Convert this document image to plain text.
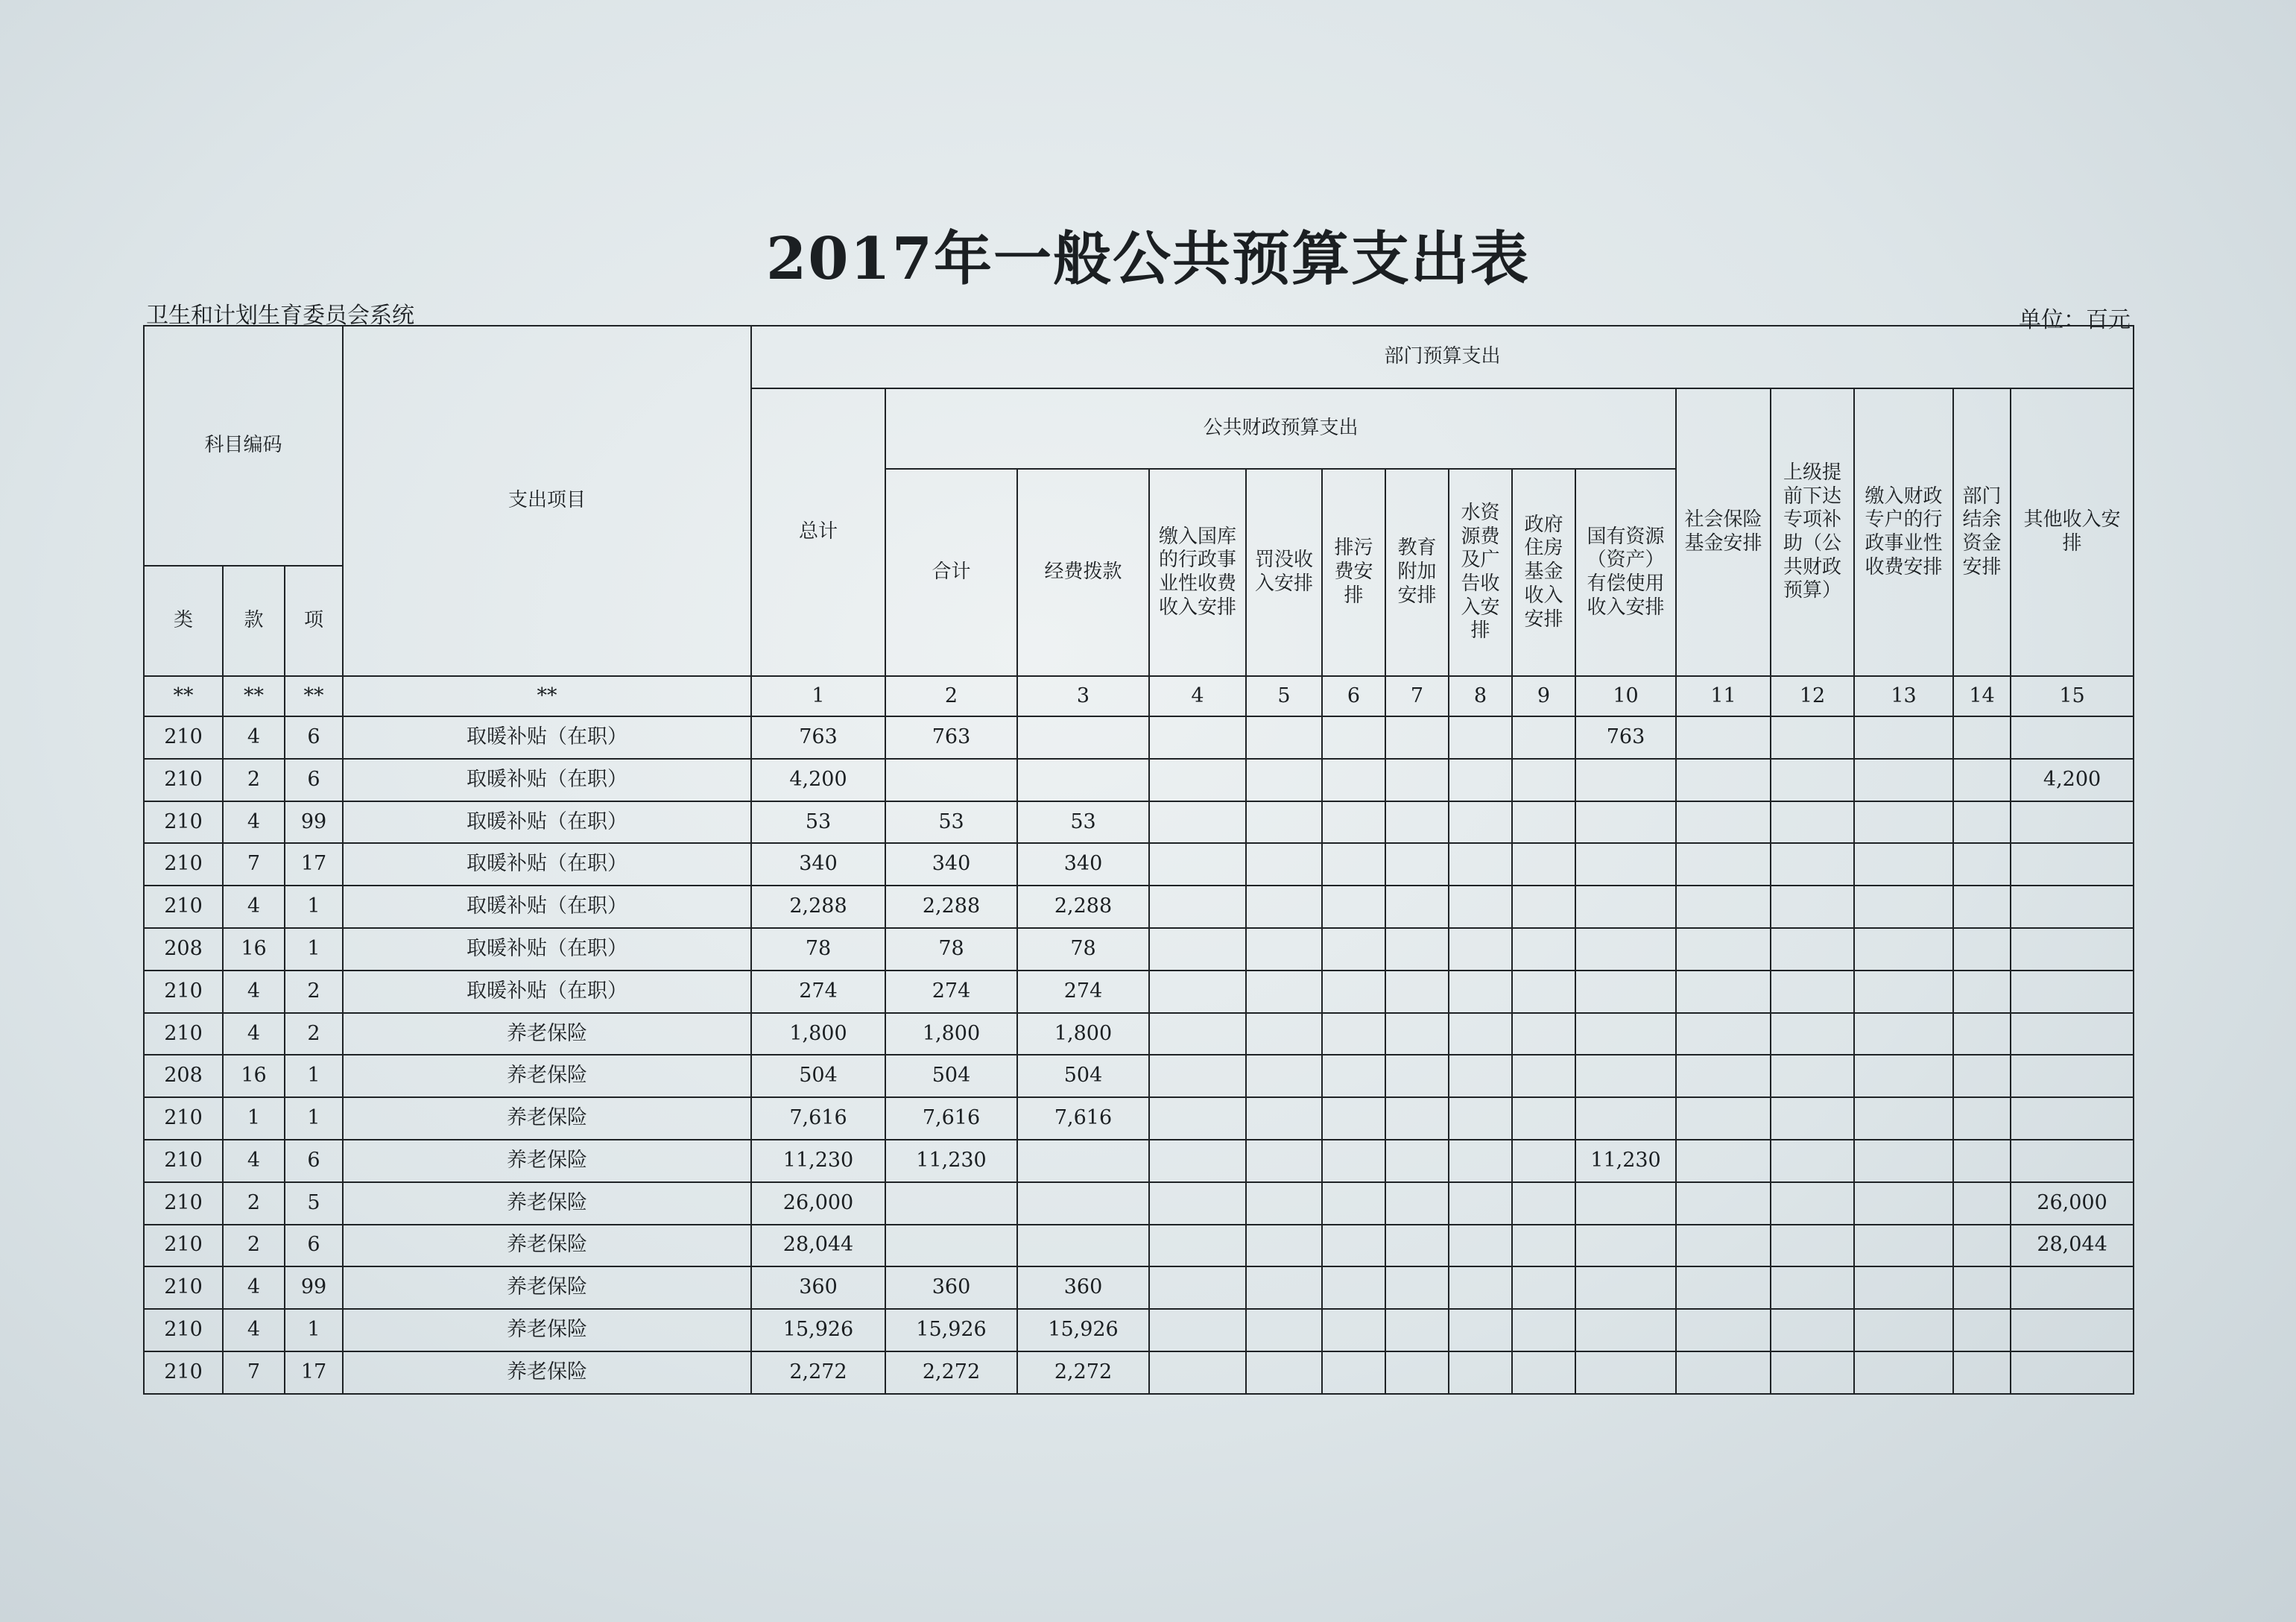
2017年一般公共预算支出表
卫生和计划生育委员会系统	单位：百元
科目编码			支出项目	部门预算支出														
				总计	公共财政预算支出									社会保险基金安排	上级提前下达专项补助（公共财政预算）	缴入财政专户的行政事业性收费安排	部门结余资金安排	其他收入安排
					合计	经费拨款	缴入国库的行政事业性收费收入安排	罚没收入安排	排污费安排	教育附加安排	水资源费及广告收入安排	政府住房基金收入安排	国有资源（资产）有偿使用收入安排					
类	款	项																
**	**	**	**	1	2	3	4	5	6	7	8	9	10	11	12	13	14	15
210	4	6	取暖补贴（在职）	763	763								763					
210	2	6	取暖补贴（在职）	4,200														4,200
210	4	99	取暖补贴（在职）	53	53	53												
210	7	17	取暖补贴（在职）	340	340	340												
210	4	1	取暖补贴（在职）	2,288	2,288	2,288												
208	16	1	取暖补贴（在职）	78	78	78												
210	4	2	取暖补贴（在职）	274	274	274												
210	4	2	养老保险	1,800	1,800	1,800												
208	16	1	养老保险	504	504	504												
210	1	1	养老保险	7,616	7,616	7,616												
210	4	6	养老保险	11,230	11,230								11,230					
210	2	5	养老保险	26,000														26,000
210	2	6	养老保险	28,044														28,044
210	4	99	养老保险	360	360	360												
210	4	1	养老保险	15,926	15,926	15,926												
210	7	17	养老保险	2,272	2,272	2,272												
